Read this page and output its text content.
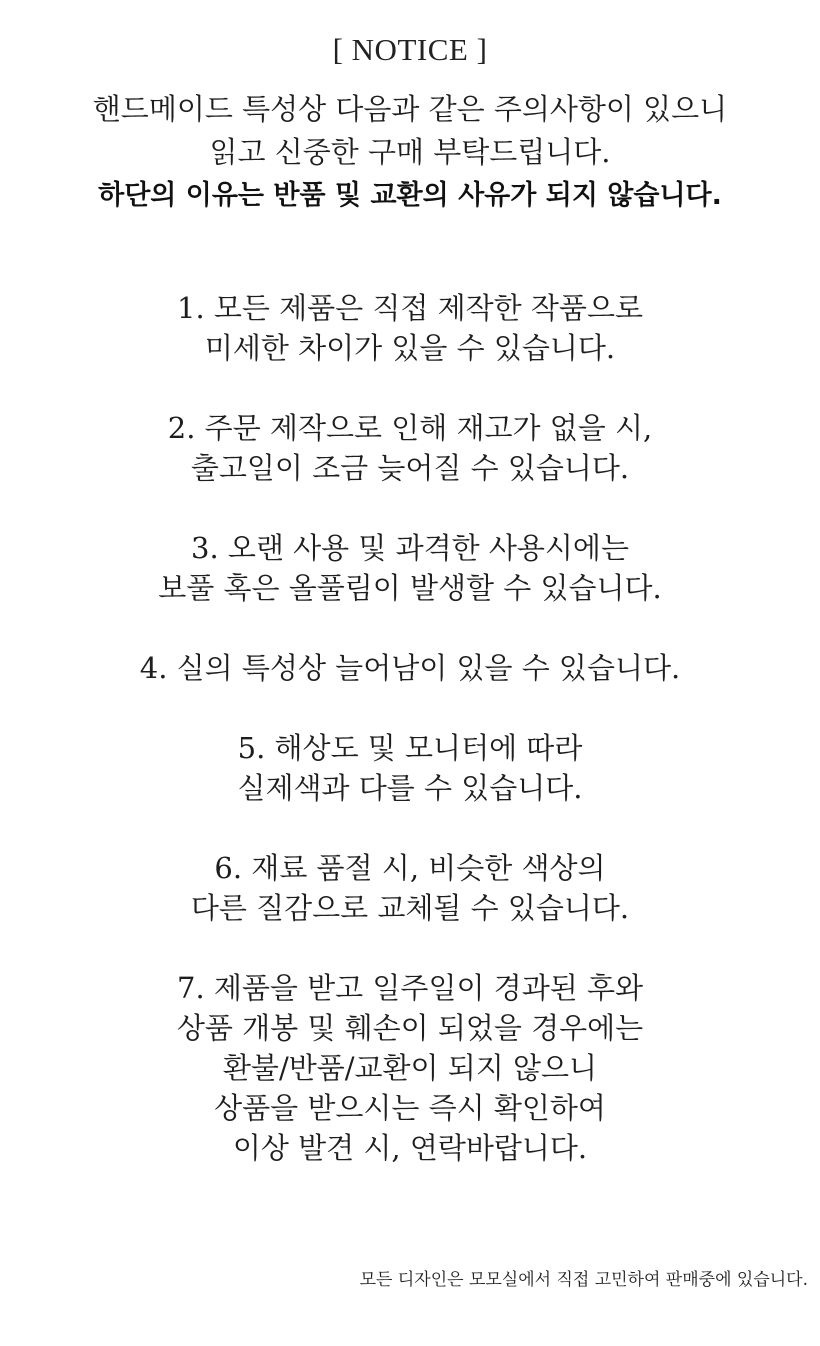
[ NOTICE ]
핸드메이드 특성상 다음과 같은 주의사항이 있으니
읽고 신중한 구매 부탁드립니다.
하단의 이유는 반품 및 교환의 사유가 되지 않습니다.
1. 모든 제품은 직접 제작한 작품으로
미세한 차이가 있을 수 있습니다.
2. 주문 제작으로 인해 재고가 없을 시,
출고일이 조금 늦어질 수 있습니다.
3. 오랜 사용 및 과격한 사용시에는
보풀 혹은 올풀림이 발생할 수 있습니다.
4. 실의 특성상 늘어남이 있을 수 있습니다.
5. 해상도 및 모니터에 따라
실제색과 다를 수 있습니다.
6. 재료 품절 시, 비슷한 색상의
다른 질감으로 교체될 수 있습니다.
7. 제품을 받고 일주일이 경과된 후와
상품 개봉 및 훼손이 되었을 경우에는
환불/반품/교환이 되지 않으니
상품을 받으시는 즉시 확인하여
이상 발견 시, 연락바랍니다.
모든 디자인은 모모실에서 직접 고민하여 판매중에 있습니다.
